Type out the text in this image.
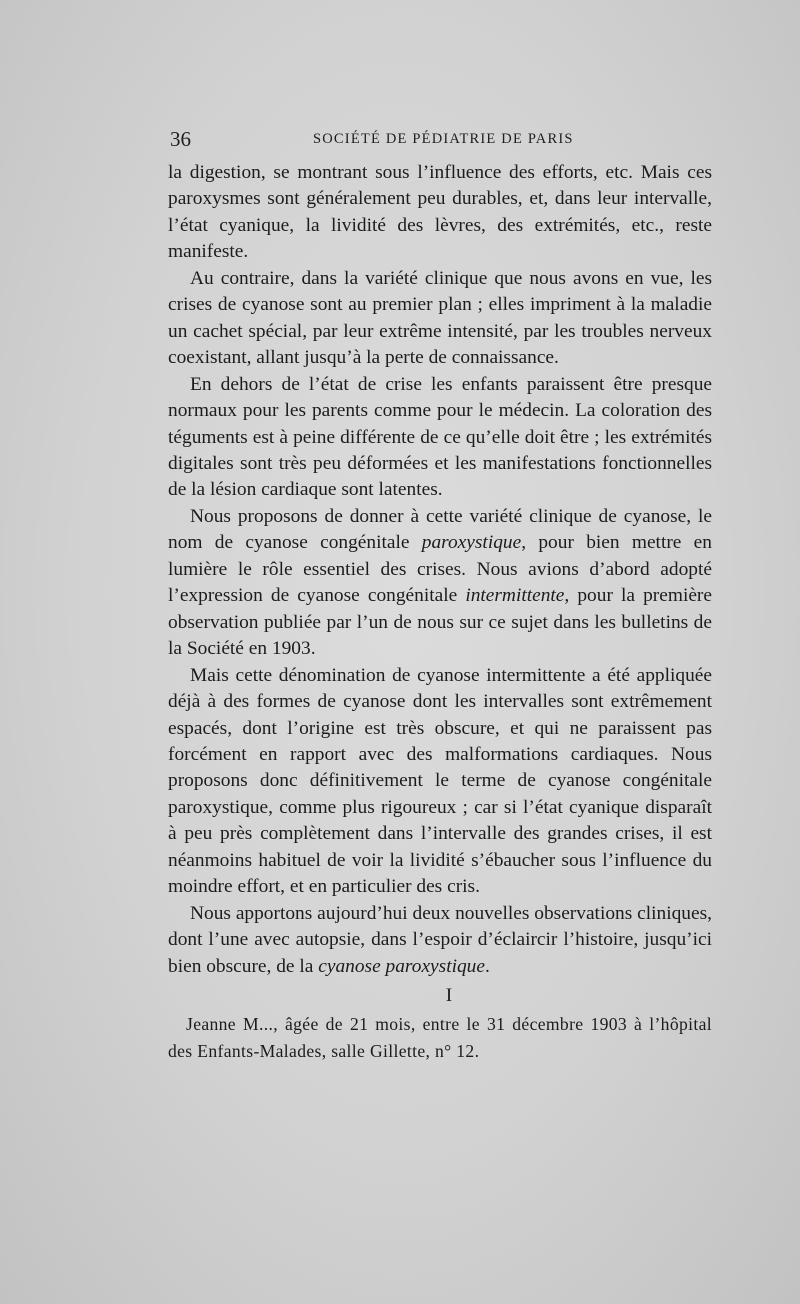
36	SOCIÉTÉ DE PÉDIATRIE DE PARIS

la digestion, se montrant sous l’influence des efforts, etc. Mais ces paroxysmes sont généralement peu durables, et, dans leur intervalle, l’état cyanique, la lividité des lèvres, des extrémités, etc., reste manifeste.

Au contraire, dans la variété clinique que nous avons en vue, les crises de cyanose sont au premier plan ; elles impriment à la maladie un cachet spécial, par leur extrême intensité, par les troubles nerveux coexistant, allant jusqu’à la perte de connaissance.

En dehors de l’état de crise les enfants paraissent être presque normaux pour les parents comme pour le médecin. La coloration des téguments est à peine différente de ce qu’elle doit être ; les extrémités digitales sont très peu déformées et les manifestations fonctionnelles de la lésion cardiaque sont latentes.

Nous proposons de donner à cette variété clinique de cyanose, le nom de cyanose congénitale paroxystique, pour bien mettre en lumière le rôle essentiel des crises. Nous avions d’abord adopté l’expression de cyanose congénitale intermittente, pour la première observation publiée par l’un de nous sur ce sujet dans les bulletins de la Société en 1903.

Mais cette dénomination de cyanose intermittente a été appliquée déjà à des formes de cyanose dont les intervalles sont extrêmement espacés, dont l’origine est très obscure, et qui ne paraissent pas forcément en rapport avec des malformations cardiaques. Nous proposons donc définitivement le terme de cyanose congénitale paroxystique, comme plus rigoureux ; car si l’état cyanique disparaît à peu près complètement dans l’intervalle des grandes crises, il est néanmoins habituel de voir la lividité s’ébaucher sous l’influence du moindre effort, et en particulier des cris.

Nous apportons aujourd’hui deux nouvelles observations cliniques, dont l’une avec autopsie, dans l’espoir d’éclaircir l’histoire, jusqu’ici bien obscure, de la cyanose paroxystique.

I

Jeanne M..., âgée de 21 mois, entre le 31 décembre 1903 à l’hôpital des Enfants-Malades, salle Gillette, n° 12.
